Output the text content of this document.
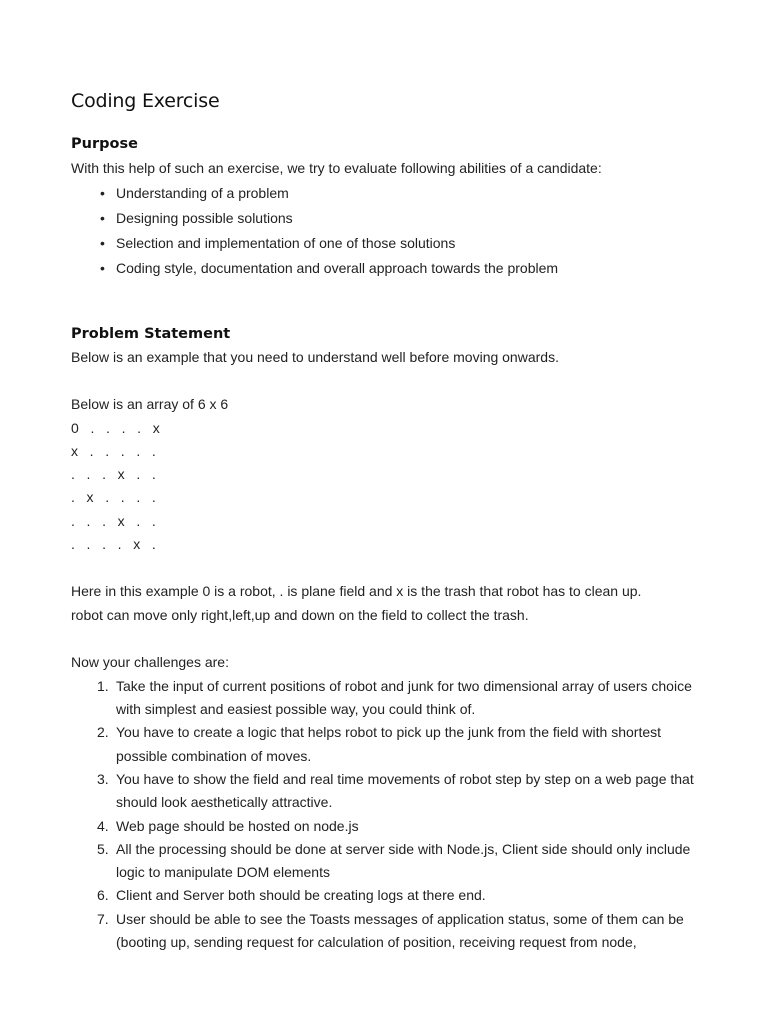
Coding Exercise
Purpose

With this help of such an exercise, we try to evaluate following abilities of a candidate:

• Understanding of a problem
• Designing possible solutions
• Selection and implementation of one of those solutions
• Coding style, documentation and overall approach towards the problem
Problem Statement

Below is an example that you need to understand well before moving onwards.

Below is an array of 6 x 6

0   .   .   .   .   x
x   .   .   .   .   .
.   .   .   x   .   .
.   x   .   .   .   .
.   .   .   x   .   .
.   .   .   .   x   .

Here in this example 0 is a robot, . is plane field and x is the trash that robot has to clean up.

robot can move only right,left,up and down on the field to collect the trash.

Now your challenges are:

1. Take the input of current positions of robot and junk for two dimensional array of users choice with simplest and easiest possible way, you could think of.
2. You have to create a logic that helps robot to pick up the junk from the field with shortest possible combination of moves.
3. You have to show the field and real time movements of robot step by step on a web page that should look aesthetically attractive.
4. Web page should be hosted on node.js
5. All the processing should be done at server side with Node.js, Client side should only include logic to manipulate DOM elements
6. Client and Server both should be creating logs at there end.
7. User should be able to see the Toasts messages of application status, some of them can be (booting up, sending request for calculation of position, receiving request from node,
